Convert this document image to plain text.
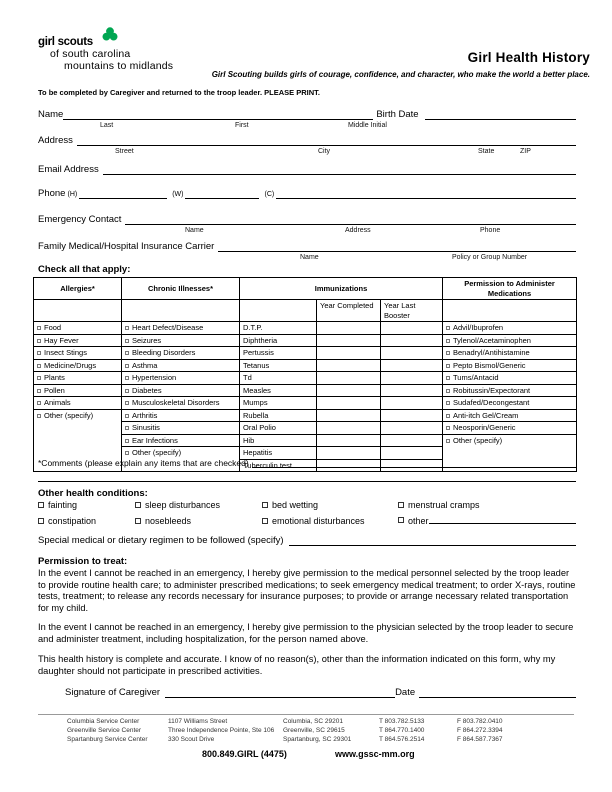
girl scouts
of south carolina
mountains to midlands
Girl Health History
Girl Scouting builds girls of courage, confidence, and character, who make the world a better place.
To be completed by Caregiver and returned to the troop leader. PLEASE PRINT.
Name	Birth Date
Last	First	Middle Initial
Address
Street	City	State	ZIP
Email Address
Phone (H)	(W)	(C)
Emergency Contact
Name	Address	Phone
Family Medical/Hospital Insurance Carrier
Name	Policy or Group Number
Check all that apply:
Allergies*	Chronic Illnesses*	Immunizations			Permission to Administer Medications
			Year Completed	Year Last Booster	
Food	Heart Defect/Disease	D.T.P.			Advil/Ibuprofen
Hay Fever	Seizures	Diphtheria			Tylenol/Acetaminophen
Insect Stings	Bleeding Disorders	Pertussis			Benadryl/Antihistamine
Medicine/Drugs	Asthma	Tetanus			Pepto Bismol/Generic
Plants	Hypertension	Td			Tums/Antacid
Pollen	Diabetes	Measles			Robitussin/Expectorant
Animals	Musculoskeletal Disorders	Mumps			Sudafed/Decongestant
Other (specify)	Arthritis	Rubella			Anti-itch Gel/Cream
	Sinusitis	Oral Polio			Neosporin/Generic
	Ear Infections	Hib			Other (specify)
	Other (specify)	Hepatitis			
		Tuberculin test			
*Comments (please explain any items that are checked)
Other health conditions:
fainting	sleep disturbances	bed wetting	menstrual cramps
constipation	nosebleeds	emotional disturbances	other
Special medical or dietary regimen to be followed (specify)
Permission to treat:
In the event I cannot be reached in an emergency, I hereby give permission to the medical personnel selected by the troop leader to provide routine health care; to administer prescribed medications; to seek emergency medical treatment; to order X-rays, routine tests, treatment; to release any records necessary for insurance purposes; to provide or arrange necessary related transportation for my child.
In the event I cannot be reached in an emergency, I hereby give permission to the physician selected by the troop leader to secure and administer treatment, including hospitalization, for the person named above.
This health history is complete and accurate. I know of no reason(s), other than the information indicated on this form, why my daughter should not participate in prescribed activities.
Signature of Caregiver	Date
Columbia Service Center	1107 Williams Street	Columbia, SC 29201	T 803.782.5133	F 803.782.0410
Greenville Service Center	Three Independence Pointe, Ste 106	Greenville, SC 29615	T 864.770.1400	F 864.272.3394
Spartanburg Service Center	330 Scout Drive	Spartanburg, SC 29301	T 864.576.2514	F 864.587.7367
800.849.GIRL (4475)	www.gssc-mm.org
